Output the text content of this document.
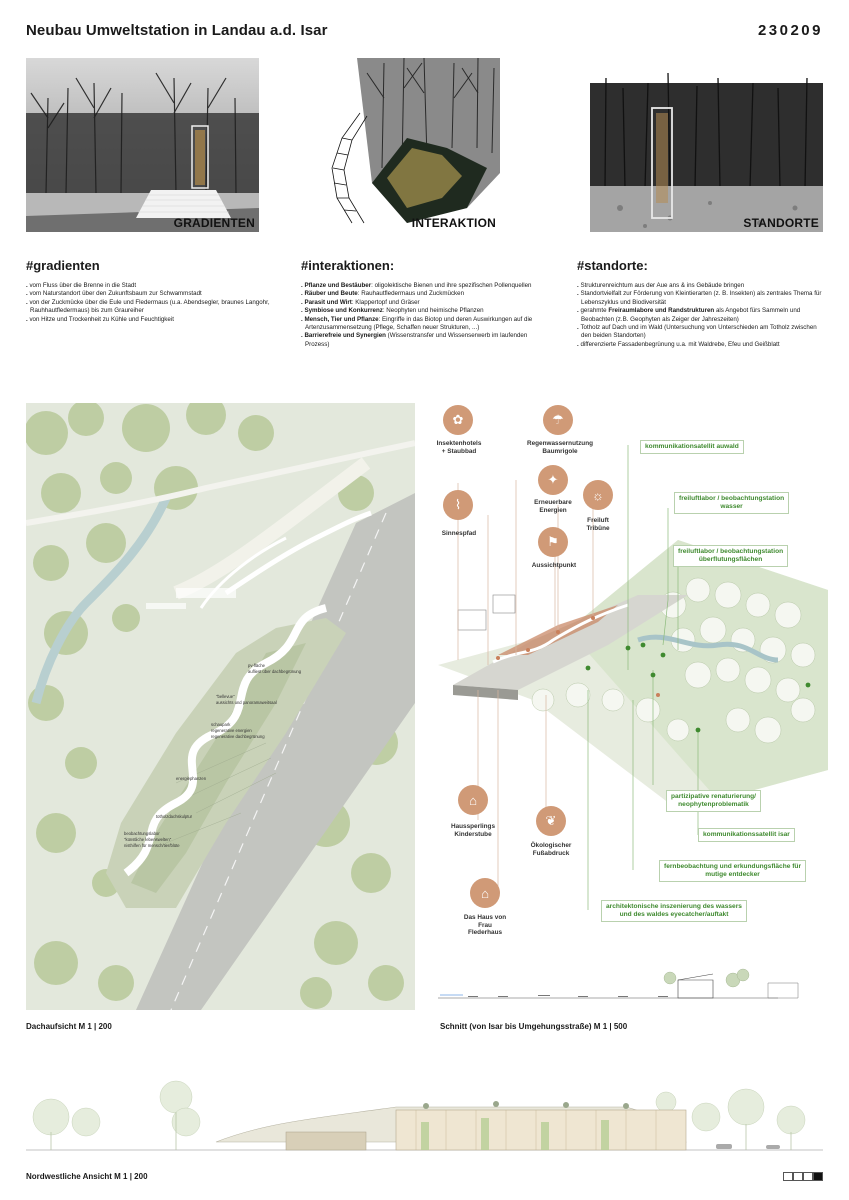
Neubau Umweltstation in Landau a.d. Isar	230209
GRADIENTEN	INTERAKTION	STANDORTE
#gradienten
. vom Fluss über die Brenne in die Stadt
. vom Naturstandort über den Zukunftsbaum zur Schwammstadt
. von der Zuckmücke über die Eule und Fledermaus (u.a. Abendsegler, braunes Langohr, Rauhhautfledermaus) bis zum Graureiher
. von Hitze und Trockenheit zu Kühle und Feuchtigkeit
#interaktionen:
. Pflanze und Bestäuber: oligolektische Bienen und ihre spezifischen Pollenquellen
. Räuber und Beute: Rauhautfledermaus und Zuckmücken
. Parasit und Wirt: Klappertopf und Gräser
. Symbiose und Konkurrenz: Neophyten und heimische Pflanzen
. Mensch, Tier und Pflanze: Eingriffe in das Biotop und deren Auswirkungen auf die Artenzusammensetzung (Pflege, Schaffen neuer Strukturen, ...)
. Barrierefreie und Synergien (Wissenstransfer und Wissenserwerb im laufenden Prozess)
#standorte:
. Strukturenreichtum aus der Aue ans & ins Gebäude bringen
. Standortvielfalt zur Förderung von Kleintierarten (z. B. Insekten) als zentrales Thema für Lebenszyklus und Biodiversität
. gerahmte Freiraumlabore und Randstrukturen als Angebot fürs Sammeln und Beobachten (z.B. Geophyten als Zeiger der Jahreszeiten)
. Totholz auf Dach und im Wald (Untersuchung von Unterschieden am Totholz zwischen den beiden Standorten)
. differenzierte Fassadenbegrünung u.a. mit Waldrebe, Efeu und Geißblatt
pv-fläche
aufliest über dachbegrünung
"bellevue"
aussichts und panoramaweitsaal
schaupark
regenerative energien
regenerative dachbegrünung
energiephanzen
totholzdachskulptur
beobachtungslabor
"künstliche lebenswelten"
nisthilfen für mensch/tier/blüte
Dachaufsicht M 1 | 200
✿
Insektenhotels
+ Staubbad
☂
Regenwassernutzung
Baumrigole
✦
Erneuerbare
Energien
⌇
Sinnespfad
☼
Freiluft
Tribüne
⚑
Aussichtpunkt
⌂
Haussperlings
Kinderstube
❦
Ökologischer
Fußabdruck
⌂
Das Haus von
Frau
Flederhaus
kommunikationsatellit auwald
freiluftlabor / beobachtungstation
wasser
freiluftlabor / beobachtungstation
überflutungsflächen
partizipative renaturierung/
neophytenproblematik
kommunikationssatellit isar
fernbeobachtung und erkundungsfläche für
mutige entdecker
architektonische inszenierung des wassers
und des waldes eyecatcher/auftakt
Schnitt (von Isar bis Umgehungsstraße) M 1 | 500
Nordwestliche Ansicht M 1 | 200
